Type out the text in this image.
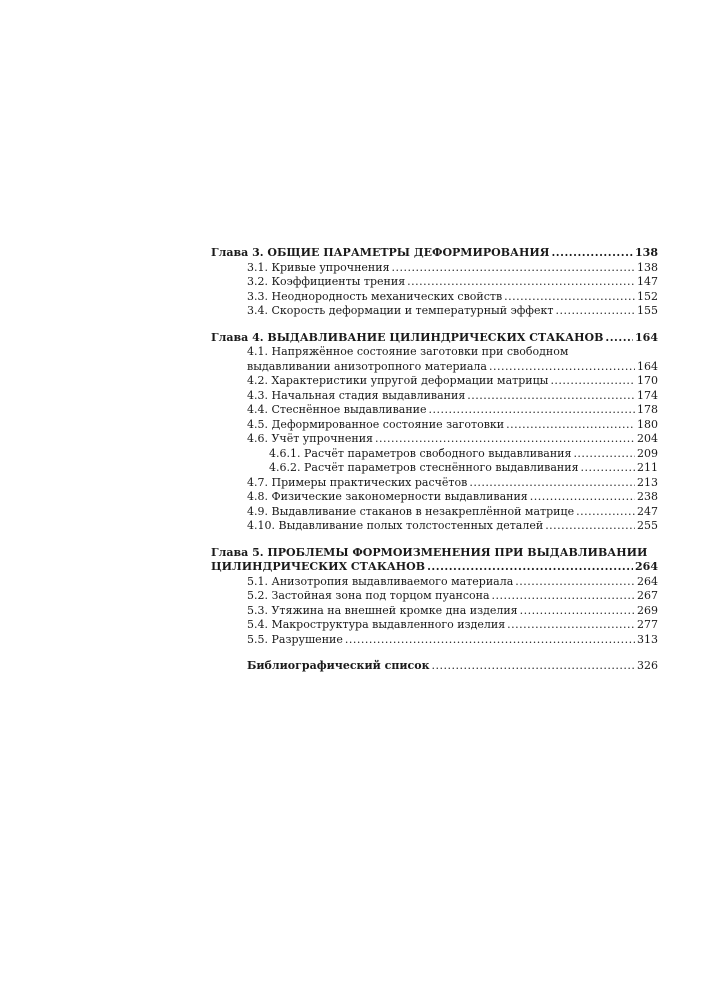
Глава 3. ОБЩИЕ ПАРАМЕТРЫ ДЕФОРМИРОВАНИЯ .....	138
3.1. Кривые упрочнения .....	138
3.2. Коэффициенты трения .....	147
3.3. Неоднородность механических свойств .....	152
3.4. Скорость деформации и температурный эффект .....	155
Глава 4. ВЫДАВЛИВАНИЕ ЦИЛИНДРИЧЕСКИХ СТАКАНОВ .....	164
4.1. Напряжённое состояние заготовки при свободном
выдавливании анизотропного материала .....	164
4.2. Характеристики упругой деформации матрицы .....	170
4.3. Начальная стадия выдавливания .....	174
4.4. Стеснённое выдавливание .....	178
4.5. Деформированное состояние заготовки .....	180
4.6. Учёт упрочнения .....	204
4.6.1. Расчёт параметров свободного выдавливания .....	209
4.6.2. Расчёт параметров стеснённого выдавливания .....	211
4.7. Примеры практических расчётов .....	213
4.8. Физические закономерности выдавливания .....	238
4.9. Выдавливание стаканов в незакреплённой матрице .....	247
4.10. Выдавливание полых толстостенных деталей .....	255
Глава 5. ПРОБЛЕМЫ ФОРМОИЗМЕНЕНИЯ ПРИ ВЫДАВЛИВАНИИ
ЦИЛИНДРИЧЕСКИХ СТАКАНОВ .....	264
5.1. Анизотропия выдавливаемого материала .....	264
5.2. Застойная зона под торцом пуансона .....	267
5.3. Утяжина на внешней кромке дна изделия .....	269
5.4. Макроструктура выдавленного изделия .....	277
5.5. Разрушение .....	313
Библиографический список .....	326
